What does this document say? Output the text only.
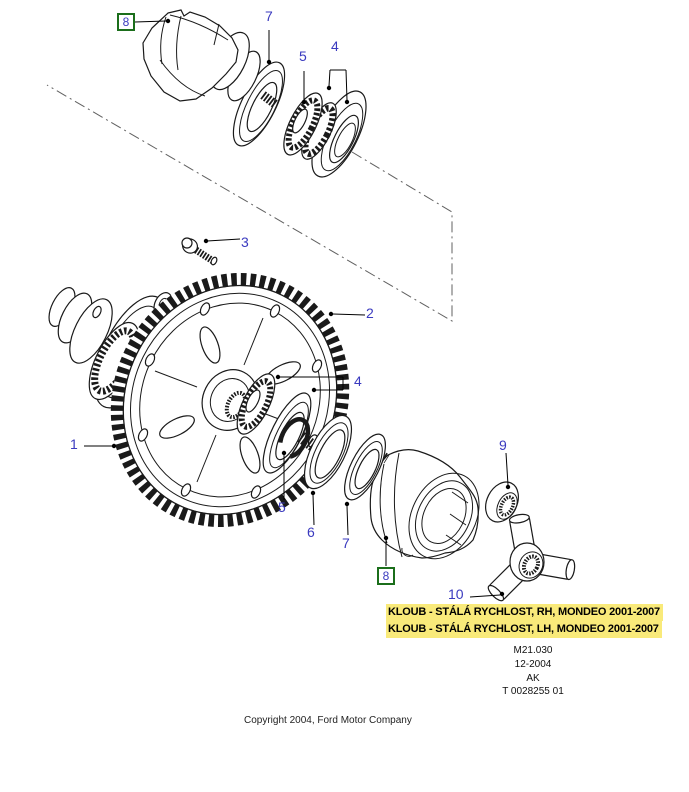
8	7
5
4
3
2
1
4
5
6
7
8
9
10
KLOUB - STÁLÁ RYCHLOST, RH, MONDEO 2001-2007
KLOUB - STÁLÁ RYCHLOST, LH, MONDEO 2001-2007
M21.030
12-2004
AK
T 0028255 01
Copyright 2004, Ford Motor Company
